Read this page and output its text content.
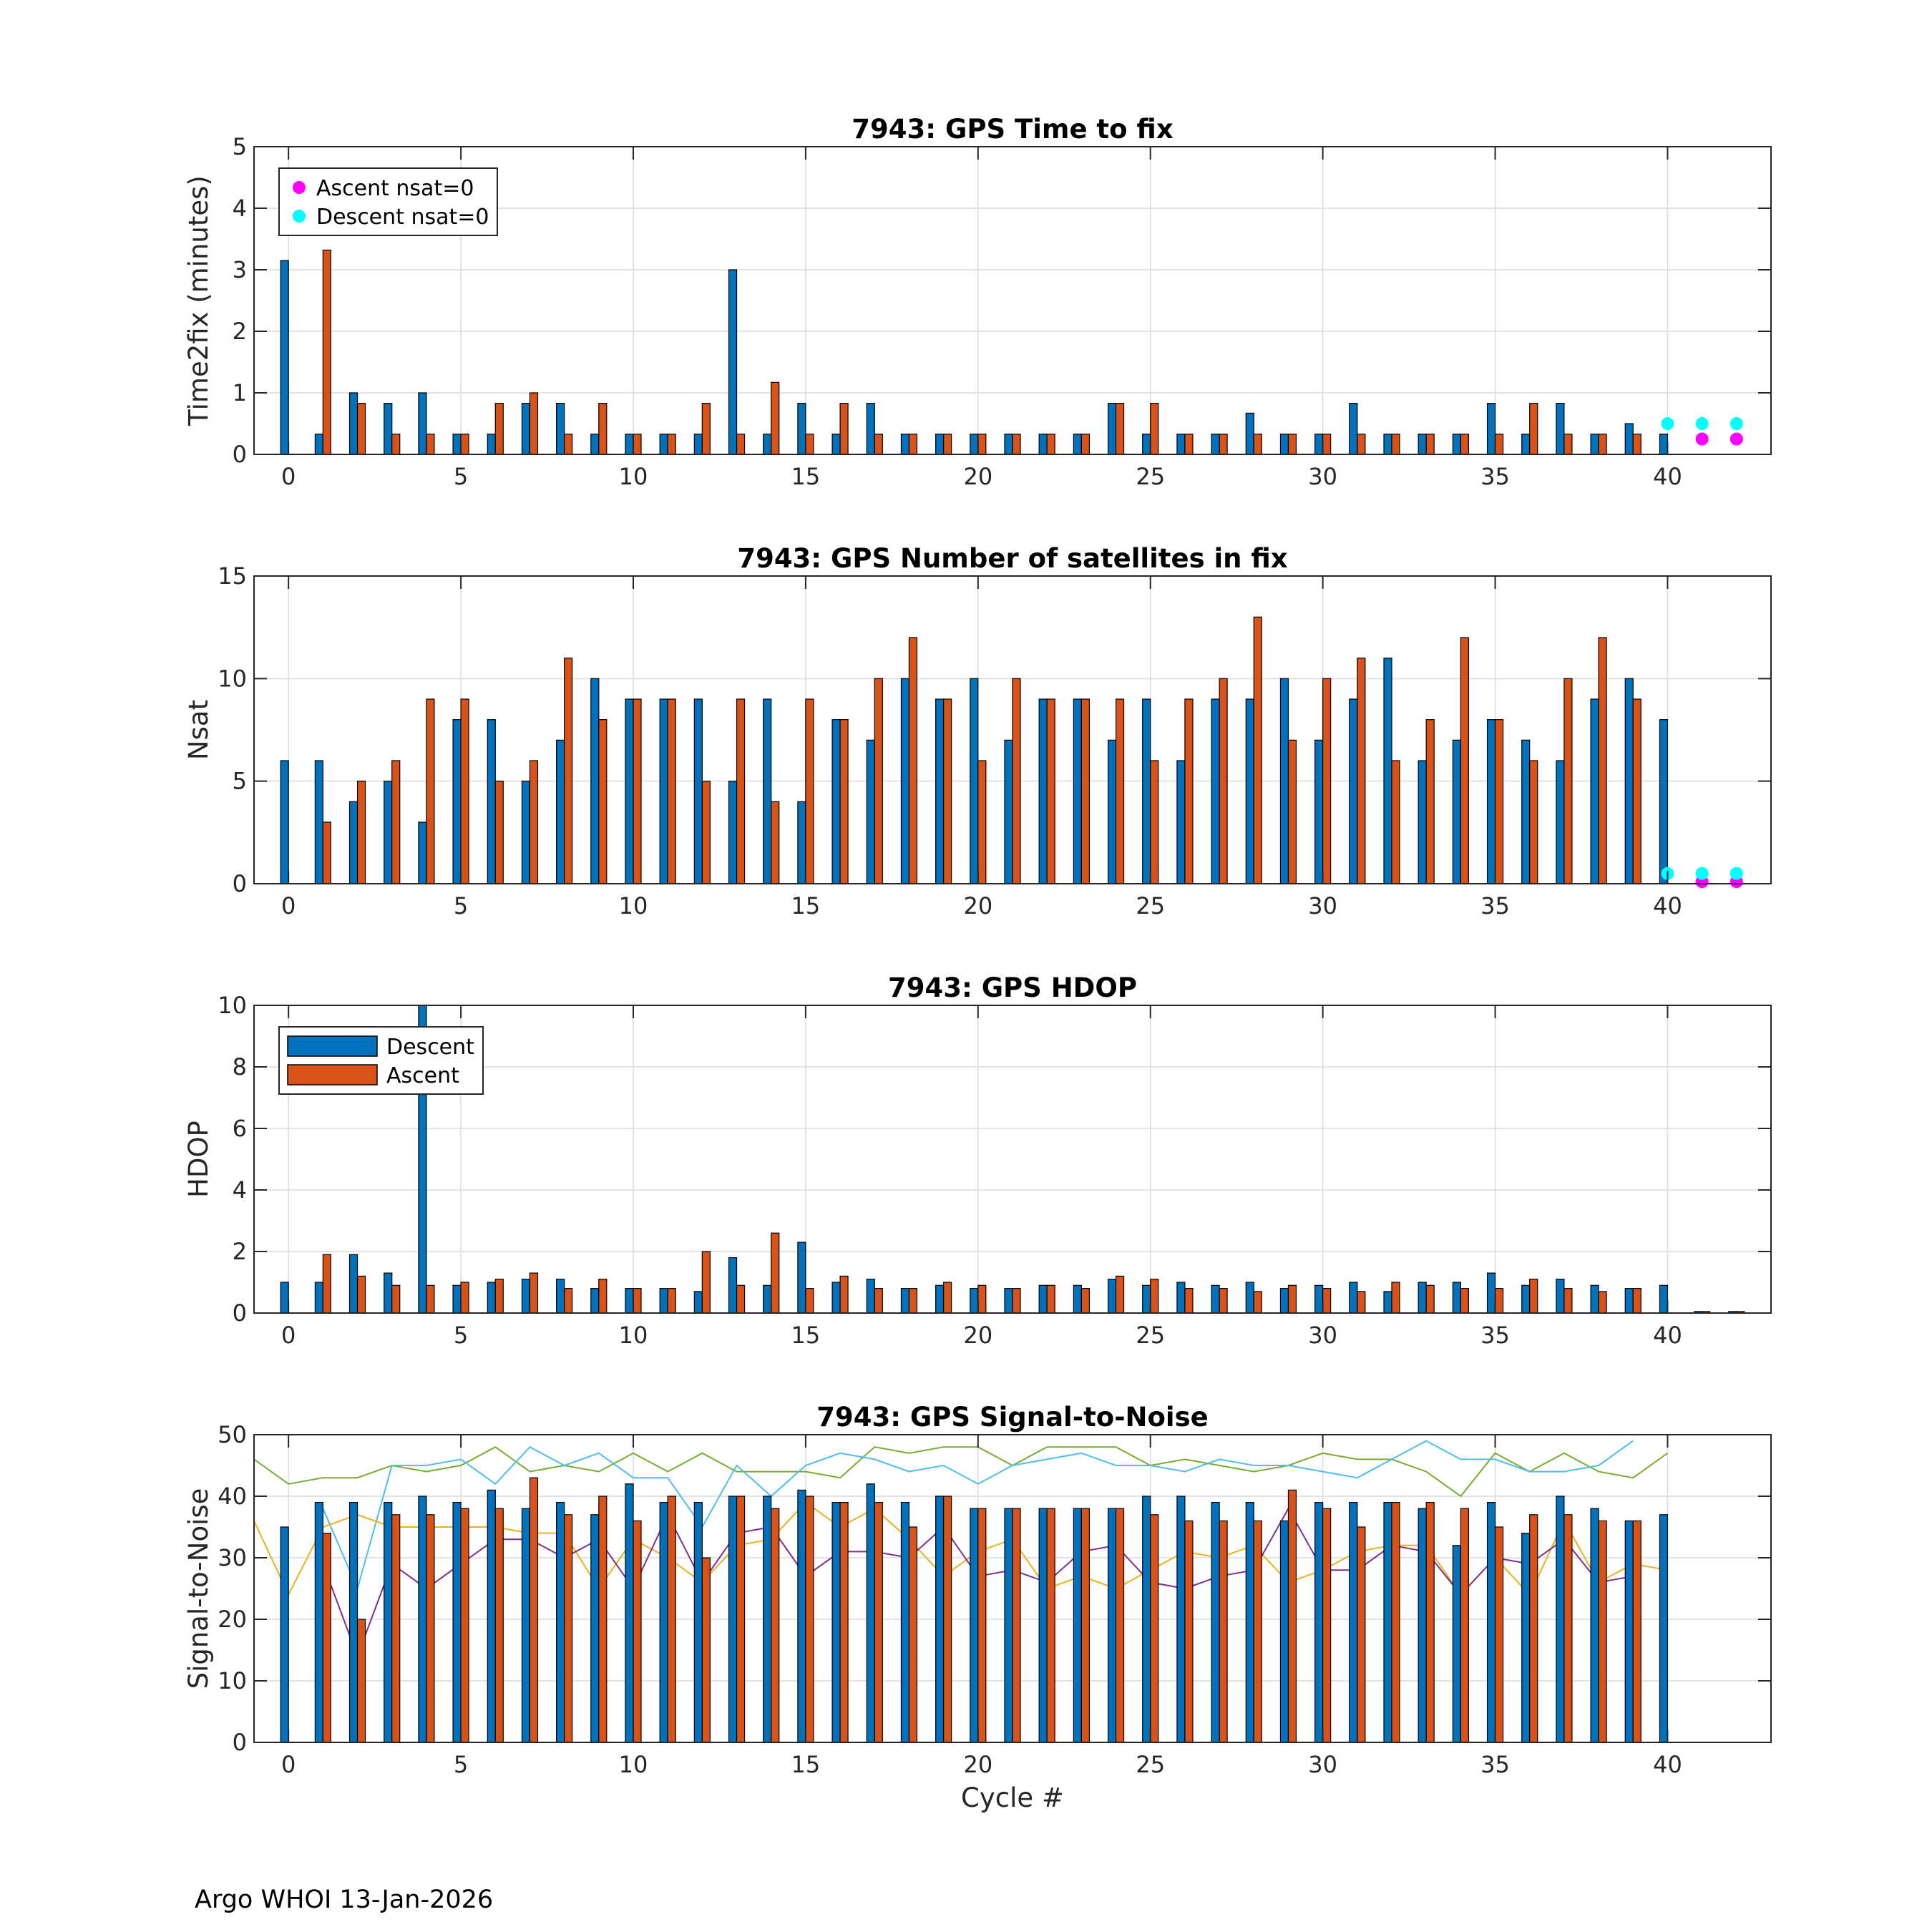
0	5	10	15	20	25	30	35	40
0
1
2
3
4
5
7943: GPS Time to fix
Time2fix (minutes)	Ascent nsat=0
Descent nsat=0
0	5	10	15	20	25	30	35	40
0
5
10
15
7943: GPS Number of satellites in fix
Nsat
0	5	10	15	20	25	30	35	40
0
2
4
6
8
10
7943: GPS HDOP
HDOP
Descent
Ascent
0	5	10	15	20	25	30	35	40
0
10
20
30
40
50
7943: GPS Signal-to-Noise
Signal-to-Noise
Cycle #
Argo WHOI 13-Jan-2026
